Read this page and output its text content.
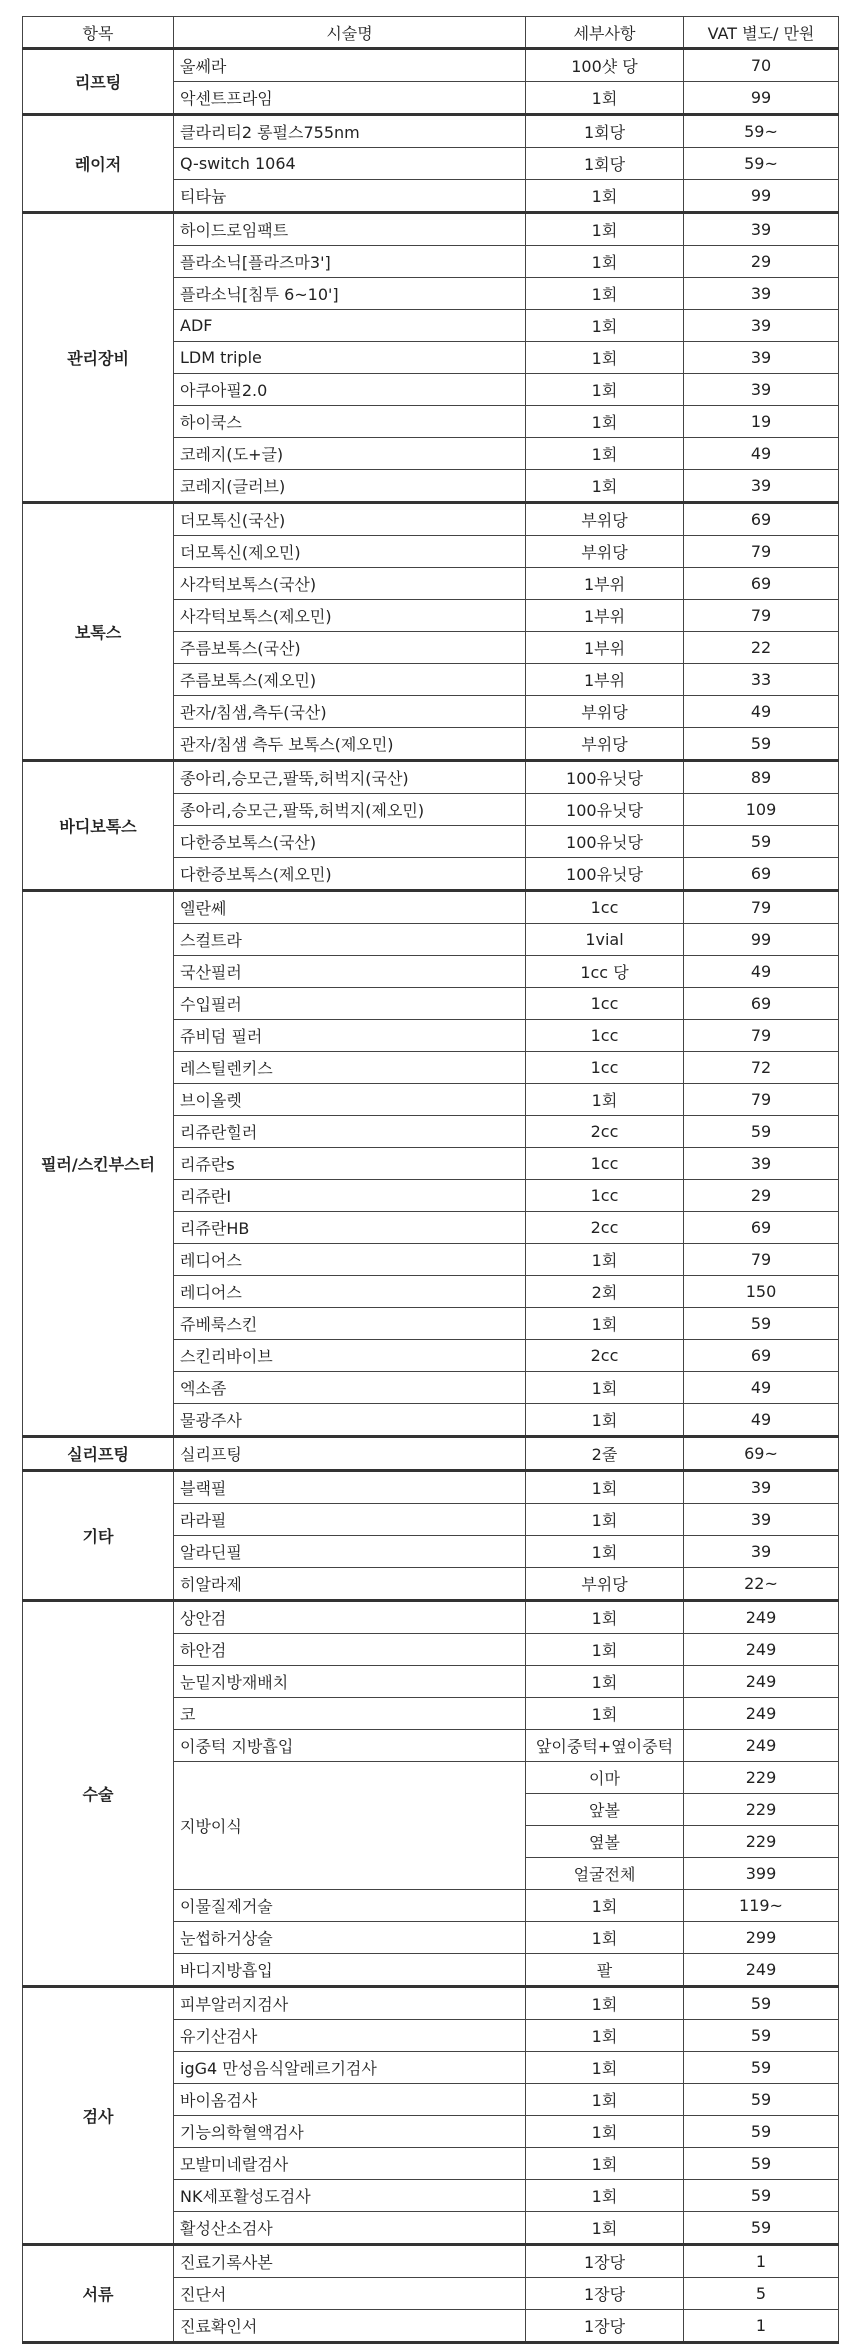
항목	시술명	세부사항	VAT 별도/ 만원
리프팅	울쎄라	100샷 당	70
	악센트프라임	1회	99
레이저	클라리티2 롱펄스755nm	1회당	59~
	Q-switch 1064	1회당	59~
	티타늄	1회	99
관리장비	하이드로임팩트	1회	39
	플라소닉[플라즈마3']	1회	29
	플라소닉[침투 6~10']	1회	39
	ADF	1회	39
	LDM triple	1회	39
	아쿠아필2.0	1회	39
	하이쿡스	1회	19
	코레지(도+글)	1회	49
	코레지(글러브)	1회	39
보톡스	더모톡신(국산)	부위당	69
	더모톡신(제오민)	부위당	79
	사각턱보톡스(국산)	1부위	69
	사각턱보톡스(제오민)	1부위	79
	주름보톡스(국산)	1부위	22
	주름보톡스(제오민)	1부위	33
	관자/침샘,측두(국산)	부위당	49
	관자/침샘 측두 보톡스(제오민)	부위당	59
바디보톡스	종아리,승모근,팔뚝,허벅지(국산)	100유닛당	89
	종아리,승모근,팔뚝,허벅지(제오민)	100유닛당	109
	다한증보톡스(국산)	100유닛당	59
	다한증보톡스(제오민)	100유닛당	69
필러/스킨부스터	엘란쎄	1cc	79
	스컬트라	1vial	99
	국산필러	1cc 당	49
	수입필러	1cc	69
	쥬비덤 필러	1cc	79
	레스틸렌키스	1cc	72
	브이올렛	1회	79
	리쥬란힐러	2cc	59
	리쥬란s	1cc	39
	리쥬란I	1cc	29
	리쥬란HB	2cc	69
	레디어스	1회	79
	레디어스	2회	150
	쥬베룩스킨	1회	59
	스킨리바이브	2cc	69
	엑소좀	1회	49
	물광주사	1회	49
실리프팅	실리프팅	2줄	69~
기타	블랙필	1회	39
	라라필	1회	39
	알라딘필	1회	39
	히알라제	부위당	22~
수술	상안검	1회	249
	하안검	1회	249
	눈밑지방재배치	1회	249
	코	1회	249
	이중턱 지방흡입	앞이중턱+옆이중턱	249
	지방이식	이마	229
		앞볼	229
		옆볼	229
		얼굴전체	399
	이물질제거술	1회	119~
	눈썹하거상술	1회	299
	바디지방흡입	팔	249
검사	피부알러지검사	1회	59
	유기산검사	1회	59
	igG4 만성음식알레르기검사	1회	59
	바이옴검사	1회	59
	기능의학혈액검사	1회	59
	모발미네랄검사	1회	59
	NK세포활성도검사	1회	59
	활성산소검사	1회	59
서류	진료기록사본	1장당	1
	진단서	1장당	5
	진료확인서	1장당	1
